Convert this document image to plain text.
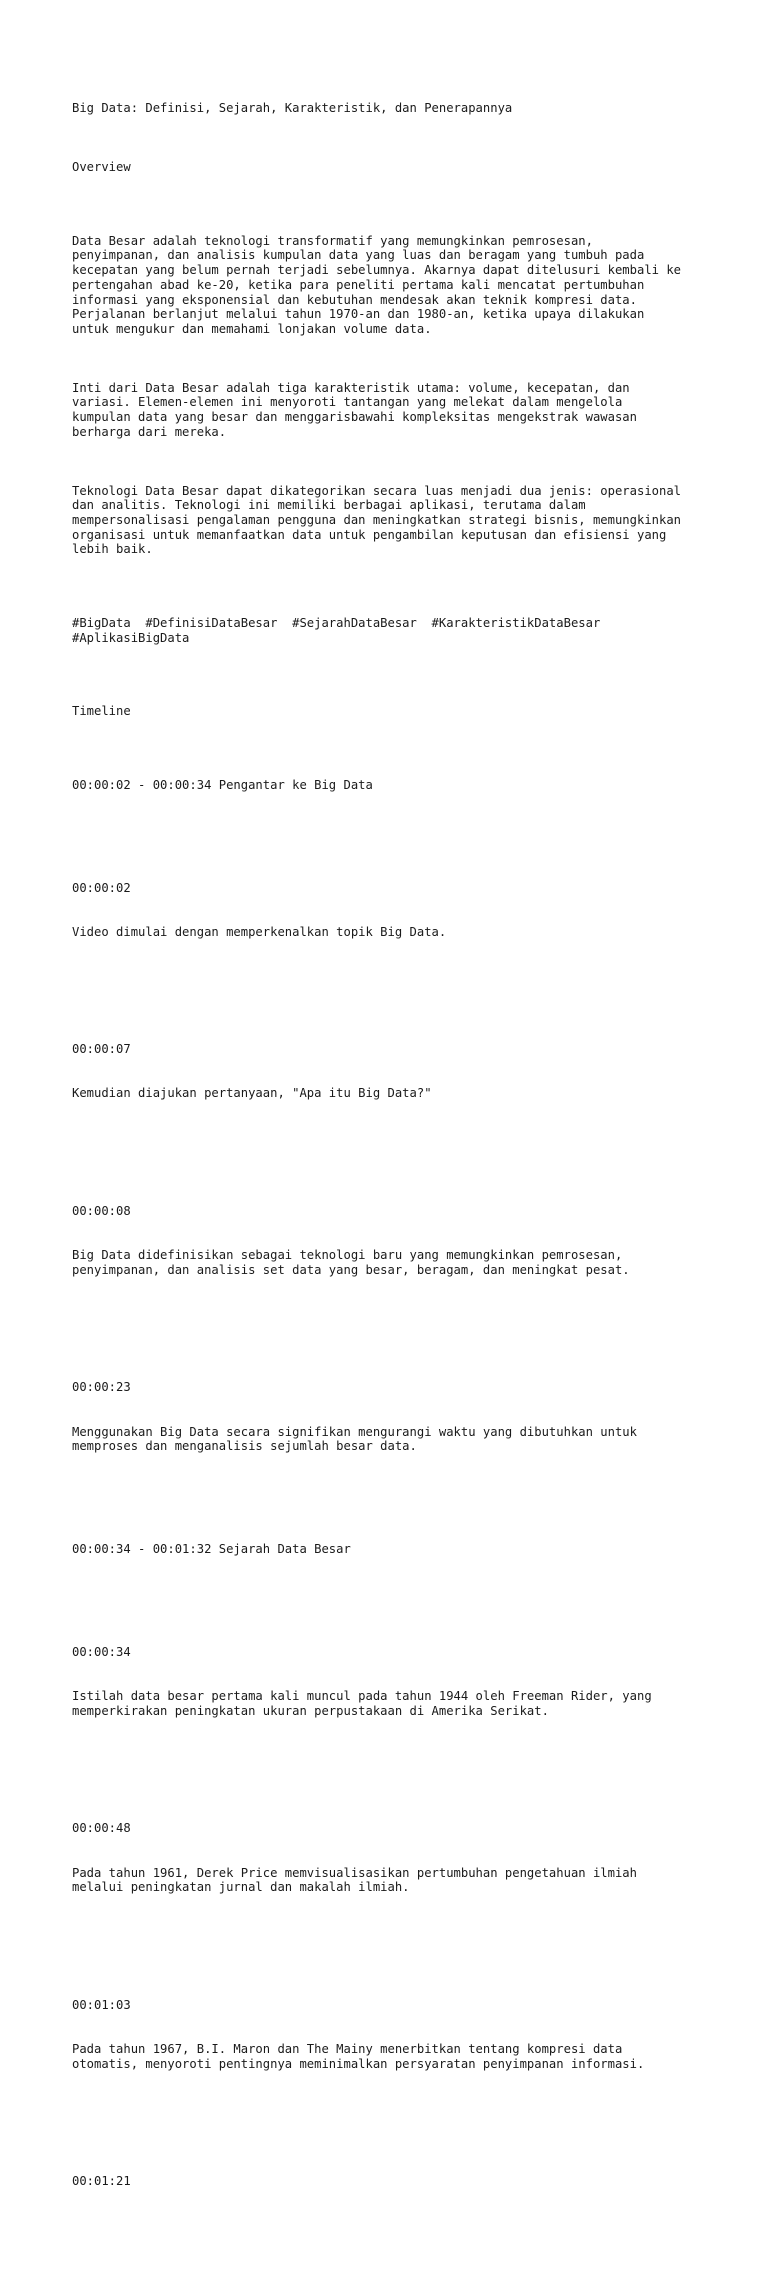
Big Data: Definisi, Sejarah, Karakteristik, dan Penerapannya

Overview

Data Besar adalah teknologi transformatif yang memungkinkan pemrosesan,
penyimpanan, dan analisis kumpulan data yang luas dan beragam yang tumbuh pada
kecepatan yang belum pernah terjadi sebelumnya. Akarnya dapat ditelusuri kembali ke
pertengahan abad ke-20, ketika para peneliti pertama kali mencatat pertumbuhan
informasi yang eksponensial dan kebutuhan mendesak akan teknik kompresi data.
Perjalanan berlanjut melalui tahun 1970-an dan 1980-an, ketika upaya dilakukan
untuk mengukur dan memahami lonjakan volume data.

Inti dari Data Besar adalah tiga karakteristik utama: volume, kecepatan, dan
variasi. Elemen-elemen ini menyoroti tantangan yang melekat dalam mengelola
kumpulan data yang besar dan menggarisbawahi kompleksitas mengekstrak wawasan
berharga dari mereka.

Teknologi Data Besar dapat dikategorikan secara luas menjadi dua jenis: operasional
dan analitis. Teknologi ini memiliki berbagai aplikasi, terutama dalam
mempersonalisasi pengalaman pengguna dan meningkatkan strategi bisnis, memungkinkan
organisasi untuk memanfaatkan data untuk pengambilan keputusan dan efisiensi yang
lebih baik.

#BigData  #DefinisiDataBesar  #SejarahDataBesar  #KarakteristikDataBesar
#AplikasiBigData

Timeline

00:00:02 - 00:00:34 Pengantar ke Big Data

00:00:02

Video dimulai dengan memperkenalkan topik Big Data.

00:00:07

Kemudian diajukan pertanyaan, "Apa itu Big Data?"

00:00:08

Big Data didefinisikan sebagai teknologi baru yang memungkinkan pemrosesan,
penyimpanan, dan analisis set data yang besar, beragam, dan meningkat pesat.

00:00:23

Menggunakan Big Data secara signifikan mengurangi waktu yang dibutuhkan untuk
memproses dan menganalisis sejumlah besar data.

00:00:34 - 00:01:32 Sejarah Data Besar

00:00:34

Istilah data besar pertama kali muncul pada tahun 1944 oleh Freeman Rider, yang
memperkirakan peningkatan ukuran perpustakaan di Amerika Serikat.

00:00:48

Pada tahun 1961, Derek Price memvisualisasikan pertumbuhan pengetahuan ilmiah
melalui peningkatan jurnal dan makalah ilmiah.

00:01:03

Pada tahun 1967, B.I. Maron dan The Mainy menerbitkan tentang kompresi data
otomatis, menyoroti pentingnya meminimalkan persyaratan penyimpanan informasi.

00:01:21
